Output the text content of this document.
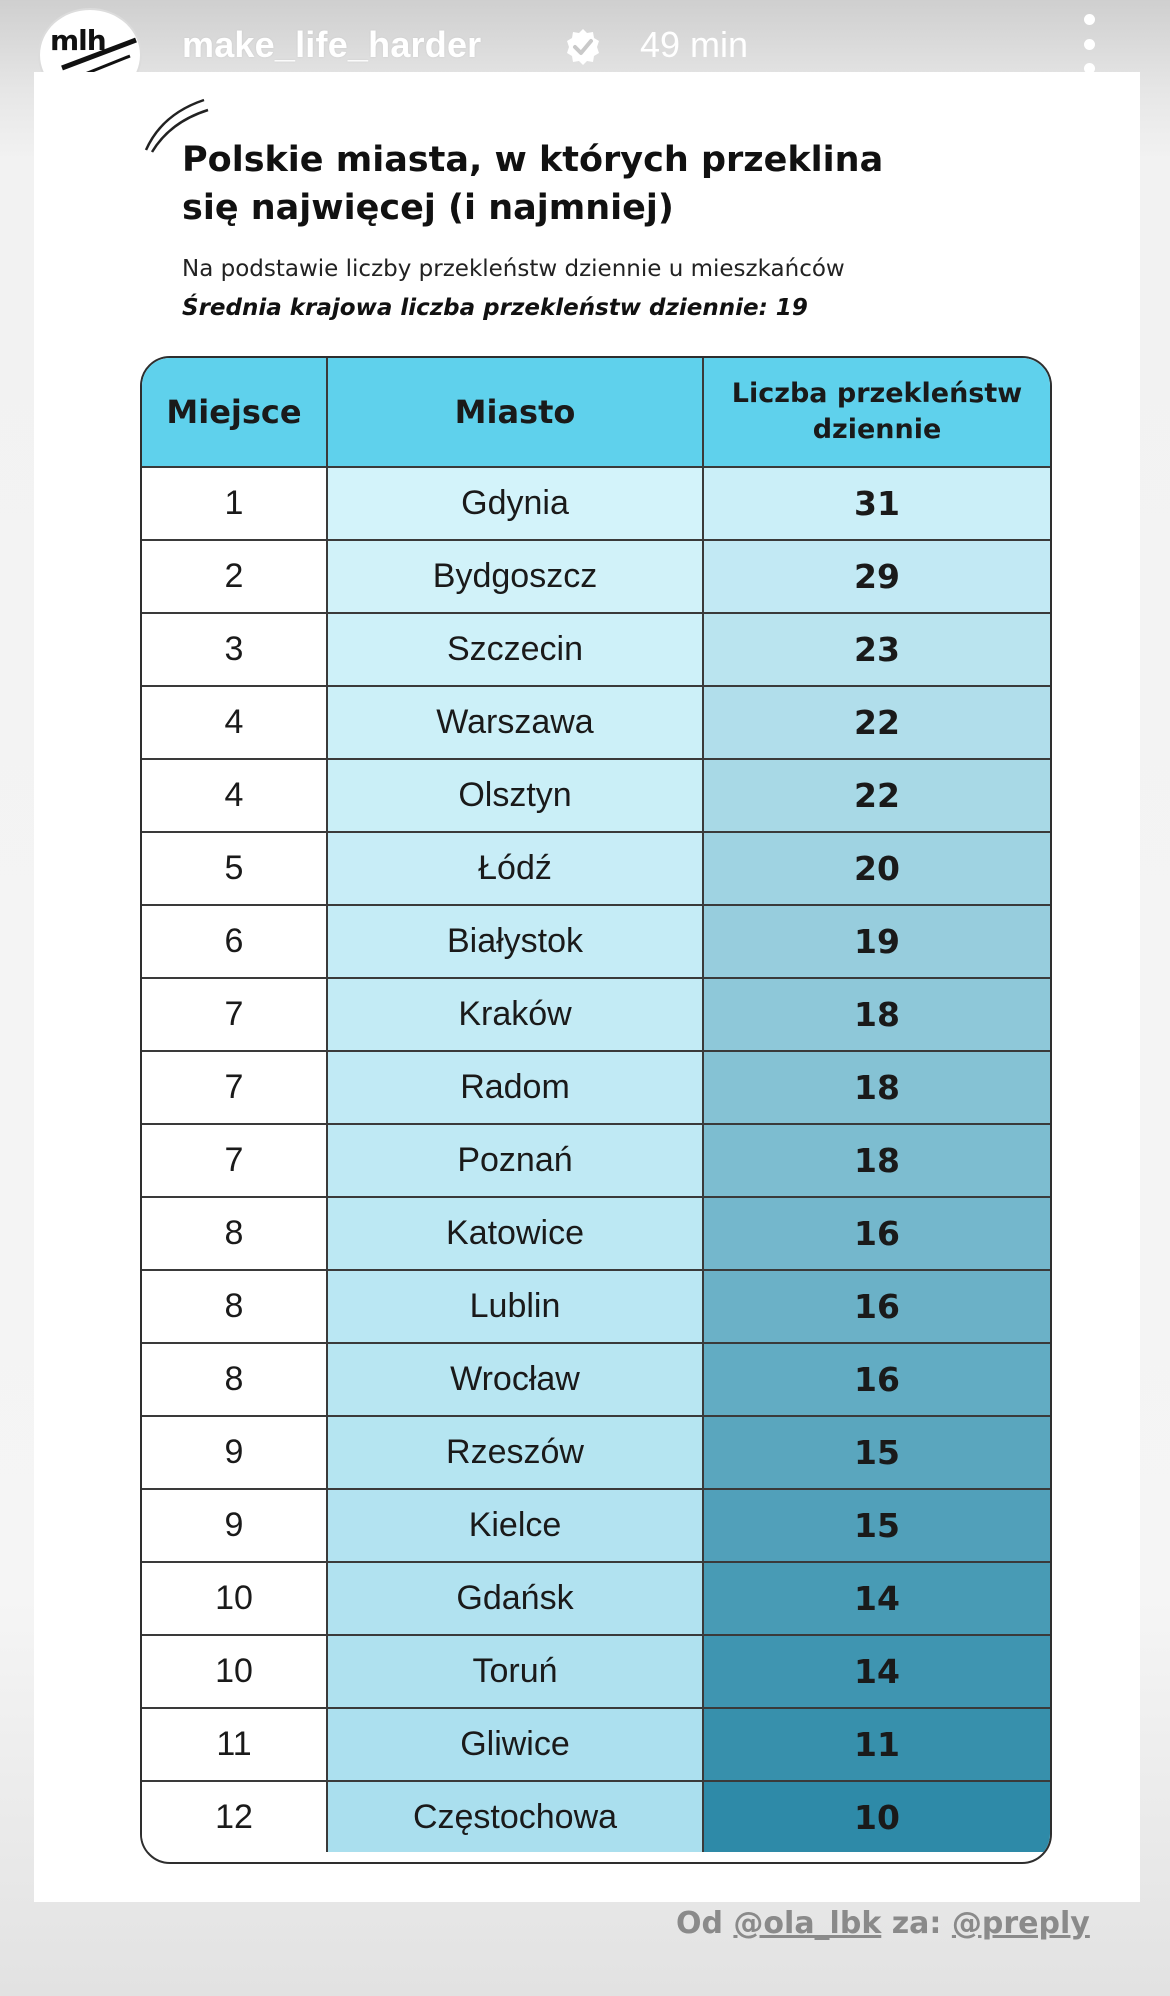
mlh make_life_harder	49 min
Polskie miasta, w których przeklina
się najwięcej (i najmniej)
Na podstawie liczby przekleństw dziennie u mieszkańców
Średnia krajowa liczba przekleństw dziennie: 19
Miejsce	Miasto	Liczba przekleństw dziennie
1	Gdynia	31
2	Bydgoszcz	29
3	Szczecin	23
4	Warszawa	22
4	Olsztyn	22
5	Łódź	20
6	Białystok	19
7	Kraków	18
7	Radom	18
7	Poznań	18
8	Katowice	16
8	Lublin	16
8	Wrocław	16
9	Rzeszów	15
9	Kielce	15
10	Gdańsk	14
10	Toruń	14
11	Gliwice	11
12	Częstochowa	10
Od @ola_lbk za: @preply
